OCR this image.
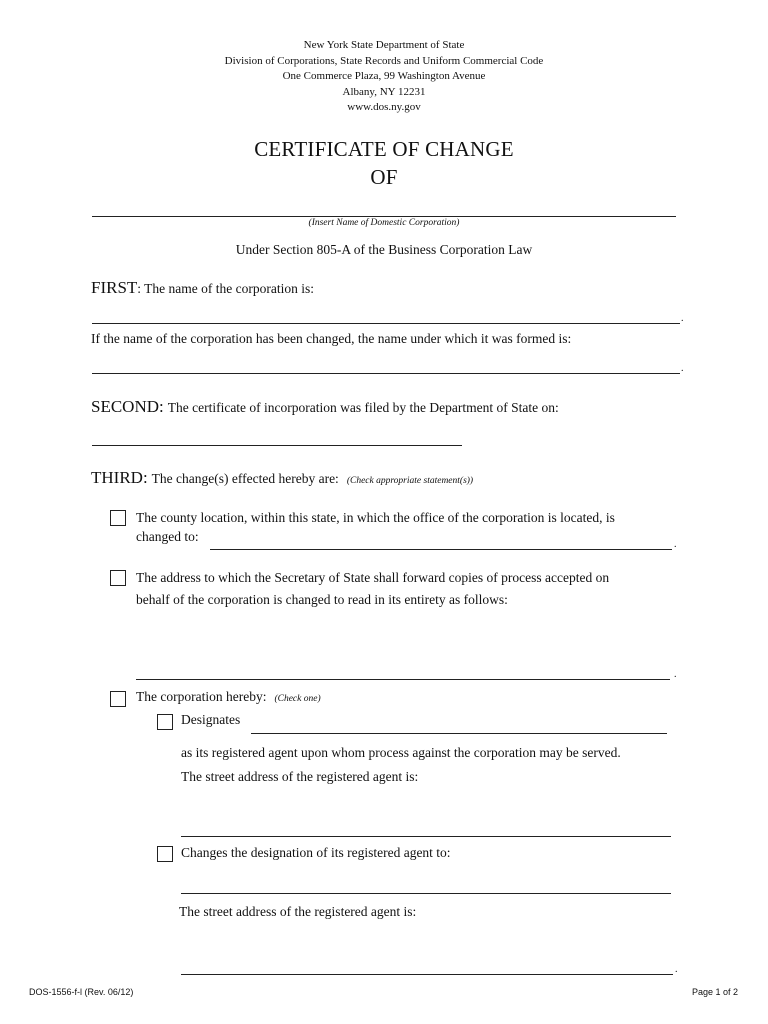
New York State Department of State
Division of Corporations, State Records and Uniform Commercial Code
One Commerce Plaza, 99 Washington Avenue
Albany, NY 12231
www.dos.ny.gov
CERTIFICATE OF CHANGE
OF
(Insert Name of Domestic Corporation)
Under Section 805-A of the Business Corporation Law
FIRST: The name of the corporation is:
.
If the name of the corporation has been changed, the name under which it was formed is:
.
SECOND: The certificate of incorporation was filed by the Department of State on:
THIRD: The change(s) effected hereby are: (Check appropriate statement(s))
The county location, within this state, in which the office of the corporation is located, is
changed to:
.
The address to which the Secretary of State shall forward copies of process accepted on
behalf of the corporation is changed to read in its entirety as follows:
.
The corporation hereby: (Check one)
Designates
as its registered agent upon whom process against the corporation may be served.
The street address of the registered agent is:
Changes the designation of its registered agent to:
The street address of the registered agent is:
.
DOS-1556-f-l (Rev. 06/12)	Page 1 of 2
